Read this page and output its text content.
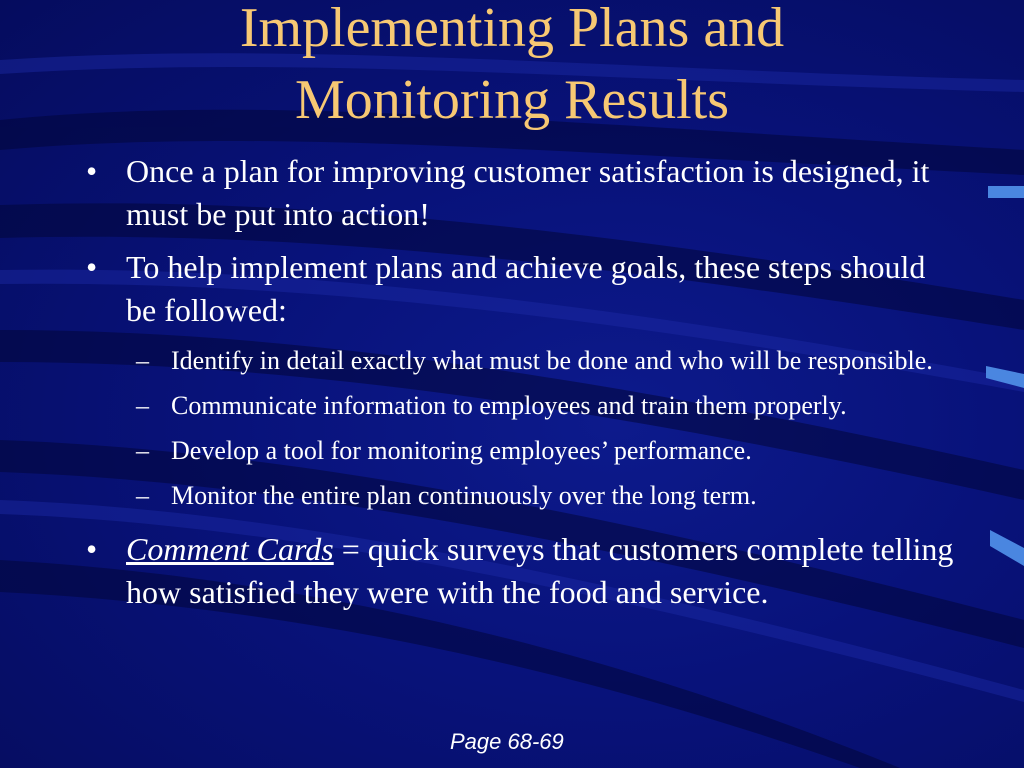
Implementing Plans and
Monitoring Results
• Once a plan for improving customer satisfaction is designed, it must be put into action!
• To help implement plans and achieve goals, these steps should be followed:
– Identify in detail exactly what must be done and who will be responsible.
– Communicate information to employees and train them properly.
– Develop a tool for monitoring employees’ performance.
– Monitor the entire plan continuously over the long term.
• Comment Cards = quick surveys that customers complete telling how satisfied they were with the food and service.
Page 68-69
